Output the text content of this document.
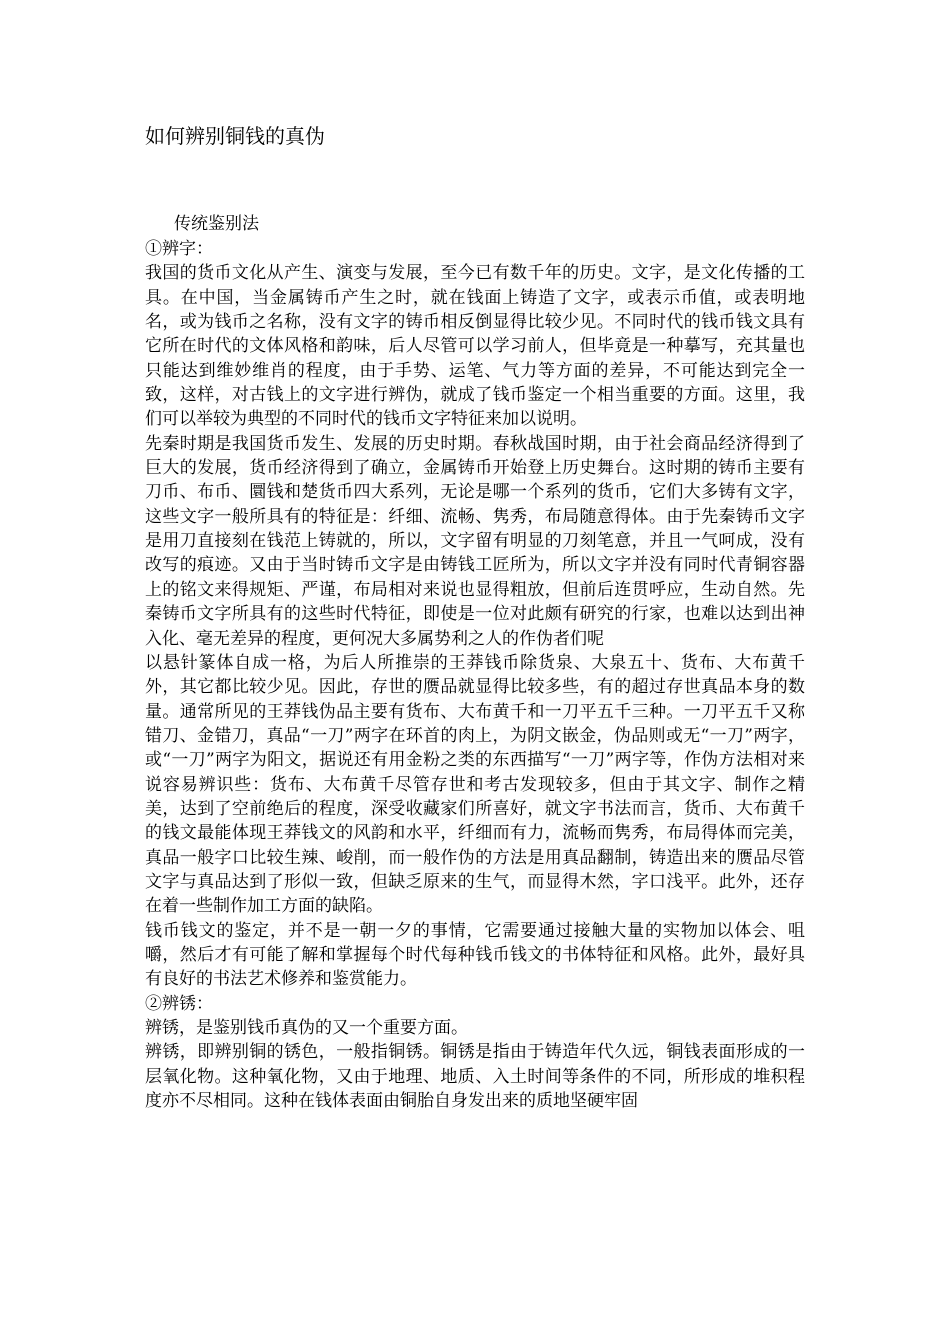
如何辨别铜钱的真伪
传统鉴别法

①辨字：

我国的货币文化从产生、演变与发展，至今已有数千年的历史。文字，是文化传播的工具。在中国，当金属铸币产生之时，就在钱面上铸造了文字，或表示币值，或表明地名，或为钱币之名称，没有文字的铸币相反倒显得比较少见。不同时代的钱币钱文具有它所在时代的文体风格和韵味，后人尽管可以学习前人，但毕竟是一种摹写，充其量也只能达到维妙维肖的程度，由于手势、运笔、气力等方面的差异，不可能达到完全一致，这样，对古钱上的文字进行辨伪，就成了钱币鉴定一个相当重要的方面。这里，我们可以举较为典型的不同时代的钱币文字特征来加以说明。

先秦时期是我国货币发生、发展的历史时期。春秋战国时期，由于社会商品经济得到了巨大的发展，货币经济得到了确立，金属铸币开始登上历史舞台。这时期的铸币主要有刀币、布币、圜钱和楚货币四大系列，无论是哪一个系列的货币，它们大多铸有文字，这些文字一般所具有的特征是：纤细、流畅、隽秀，布局随意得体。由于先秦铸币文字是用刀直接刻在钱范上铸就的，所以，文字留有明显的刀刻笔意，并且一气呵成，没有改写的痕迹。又由于当时铸币文字是由铸钱工匠所为，所以文字并没有同时代青铜容器上的铭文来得规矩、严谨，布局相对来说也显得粗放，但前后连贯呼应，生动自然。先秦铸币文字所具有的这些时代特征，即使是一位对此颇有研究的行家，也难以达到出神入化、毫无差异的程度，更何况大多属势利之人的作伪者们呢

以悬针篆体自成一格，为后人所推崇的王莽钱币除货泉、大泉五十、货布、大布黄千外，其它都比较少见。因此，存世的赝品就显得比较多些，有的超过存世真品本身的数量。通常所见的王莽钱伪品主要有货布、大布黄千和一刀平五千三种。一刀平五千又称错刀、金错刀，真品“一刀”两字在环首的肉上，为阴文嵌金，伪品则或无“一刀”两字，或“一刀”两字为阳文，据说还有用金粉之类的东西描写“一刀”两字等，作伪方法相对来说容易辨识些：货布、大布黄千尽管存世和考古发现较多，但由于其文字、制作之精美，达到了空前绝后的程度，深受收藏家们所喜好，就文字书法而言，货币、大布黄千的钱文最能体现王莽钱文的风韵和水平，纤细而有力，流畅而隽秀，布局得体而完美，真品一般字口比较生辣、峻削，而一般作伪的方法是用真品翻制，铸造出来的赝品尽管文字与真品达到了形似一致，但缺乏原来的生气，而显得木然，字口浅平。此外，还存在着一些制作加工方面的缺陷。

钱币钱文的鉴定，并不是一朝一夕的事情，它需要通过接触大量的实物加以体会、咀嚼，然后才有可能了解和掌握每个时代每种钱币钱文的书体特征和风格。此外，最好具有良好的书法艺术修养和鉴赏能力。

②辨锈：

辨锈，是鉴别钱币真伪的又一个重要方面。

辨锈，即辨别铜的锈色，一般指铜锈。铜锈是指由于铸造年代久远，铜钱表面形成的一层氧化物。这种氧化物，又由于地理、地质、入土时间等条件的不同，所形成的堆积程度亦不尽相同。这种在钱体表面由铜胎自身发出来的质地坚硬牢固
